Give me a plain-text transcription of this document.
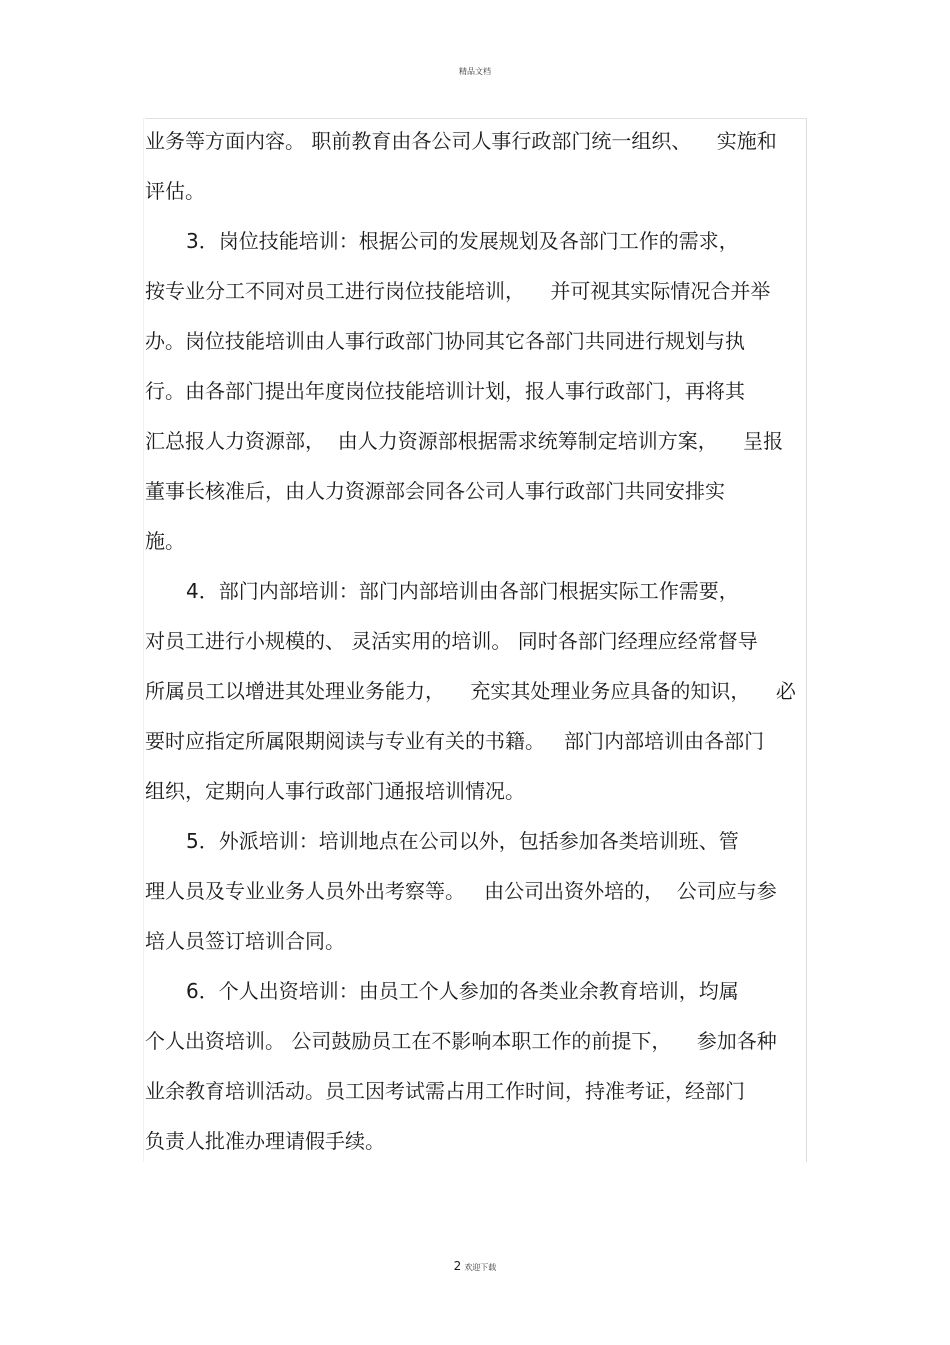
精品文档
业务等方面内容。 职前教育由各公司人事行政部门统一组织、    实施和
评估。
3．岗位技能培训：根据公司的发展规划及各部门工作的需求，
按专业分工不同对员工进行岗位技能培训，    并可视其实际情况合并举
办。岗位技能培训由人事行政部门协同其它各部门共同进行规划与执
行。由各部门提出年度岗位技能培训计划，报人事行政部门，再将其
汇总报人力资源部，  由人力资源部根据需求统筹制定培训方案，    呈报
董事长核准后，由人力资源部会同各公司人事行政部门共同安排实
施。
4．部门内部培训：部门内部培训由各部门根据实际工作需要，
对员工进行小规模的、 灵活实用的培训。 同时各部门经理应经常督导
所属员工以增进其处理业务能力，    充实其处理业务应具备的知识，    必
要时应指定所属限期阅读与专业有关的书籍。   部门内部培训由各部门
组织，定期向人事行政部门通报培训情况。
5．外派培训：培训地点在公司以外，包括参加各类培训班、管
理人员及专业业务人员外出考察等。   由公司出资外培的，  公司应与参
培人员签订培训合同。
6．个人出资培训：由员工个人参加的各类业余教育培训，均属
个人出资培训。 公司鼓励员工在不影响本职工作的前提下，    参加各种
业余教育培训活动。员工因考试需占用工作时间，持准考证，经部门
负责人批准办理请假手续。
2 欢迎下载
